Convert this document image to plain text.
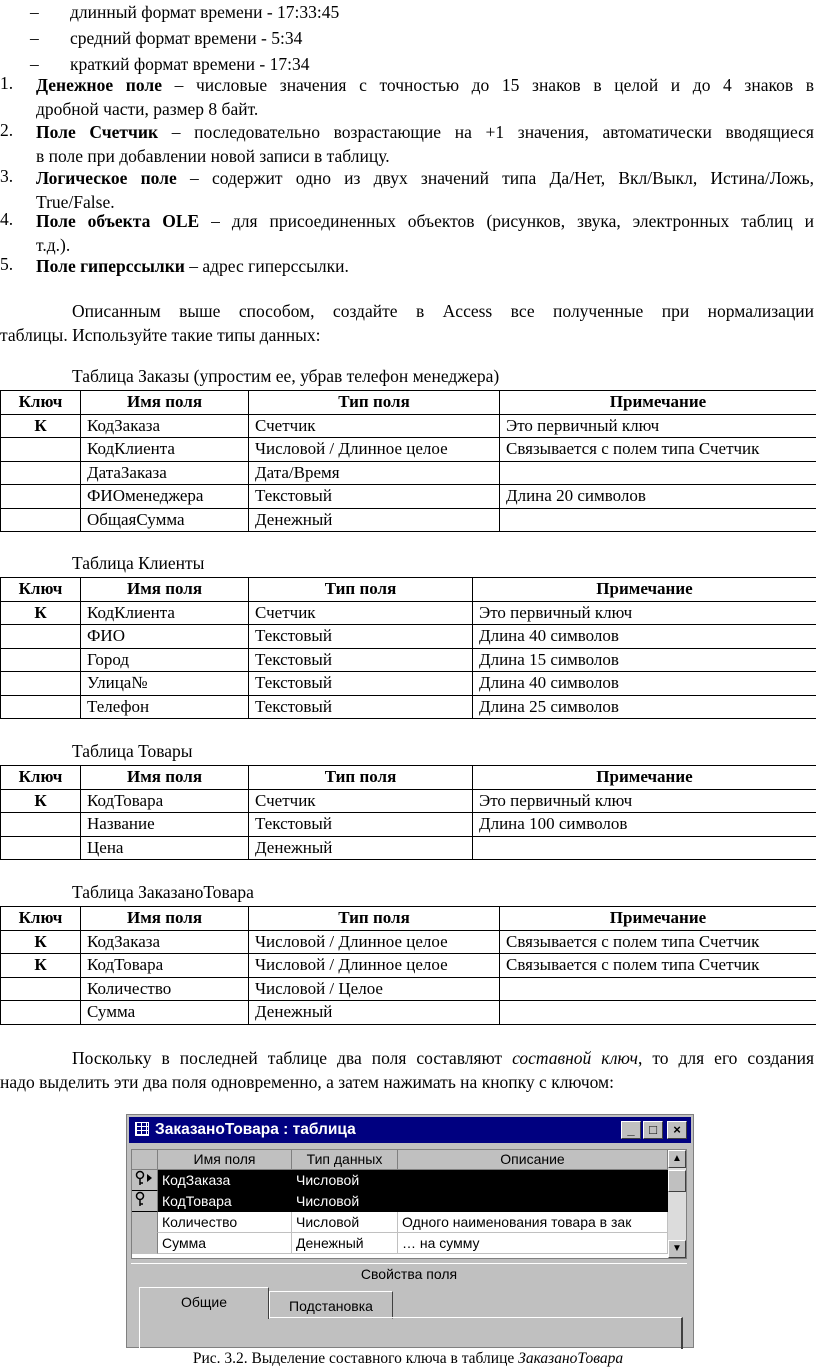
– длинный формат времени - 17:33:45
– средний формат времени - 5:34
– краткий формат времени - 17:34
1. Денежное поле – числовые значения с точностью до 15 знаков в целой и до 4 знаков в
дробной части, размер 8 байт.
2. Поле Счетчик – последовательно возрастающие на +1 значения, автоматически вводящиеся
в поле при добавлении новой записи в таблицу.
3. Логическое поле – содержит одно из двух значений типа Да/Нет, Вкл/Выкл, Истина/Ложь,
True/False.
4. Поле объекта OLE – для присоединенных объектов (рисунков, звука, электронных таблиц и
т.д.).
5. Поле гиперссылки – адрес гиперссылки.
Описанным выше способом, создайте в Access все полученные при нормализации
таблицы. Используйте такие типы данных:
Таблица Заказы (упростим ее, убрав телефон менеджера)
Ключ	Имя поля	Тип поля	Примечание
К	КодЗаказа	Счетчик	Это первичный ключ
	КодКлиента	Числовой / Длинное целое	Связывается с полем типа Счетчик
	ДатаЗаказа	Дата/Время	
	ФИОменеджера	Текстовый	Длина 20 символов
	ОбщаяСумма	Денежный	
Таблица Клиенты
Ключ	Имя поля	Тип поля	Примечание
К	КодКлиента	Счетчик	Это первичный ключ
	ФИО	Текстовый	Длина 40 символов
	Город	Текстовый	Длина 15 символов
	Улица№	Текстовый	Длина 40 символов
	Телефон	Текстовый	Длина 25 символов
Таблица Товары
Ключ	Имя поля	Тип поля	Примечание
К	КодТовара	Счетчик	Это первичный ключ
	Название	Текстовый	Длина 100 символов
	Цена	Денежный	
Таблица ЗаказаноТовара
Ключ	Имя поля	Тип поля	Примечание
К	КодЗаказа	Числовой / Длинное целое	Связывается с полем типа Счетчик
К	КодТовара	Числовой / Длинное целое	Связывается с полем типа Счетчик
	Количество	Числовой / Целое	
	Сумма	Денежный	
Поскольку в последней таблице два поля составляют составной ключ, то для его создания
надо выделить эти два поля одновременно, а затем нажимать на кнопку с ключом:
ЗаказаноТовара : таблица	_	□	×
Имя поля	Тип данных	Описание
КодЗаказа	Числовой
КодТовара	Числовой
Количество	Числовой	Одного наименования товара в зак
Сумма	Денежный	… на сумму
▲
▼
Свойства поля
Общие	Подстановка
Рис. 3.2. Выделение составного ключа в таблице ЗаказаноТовара
